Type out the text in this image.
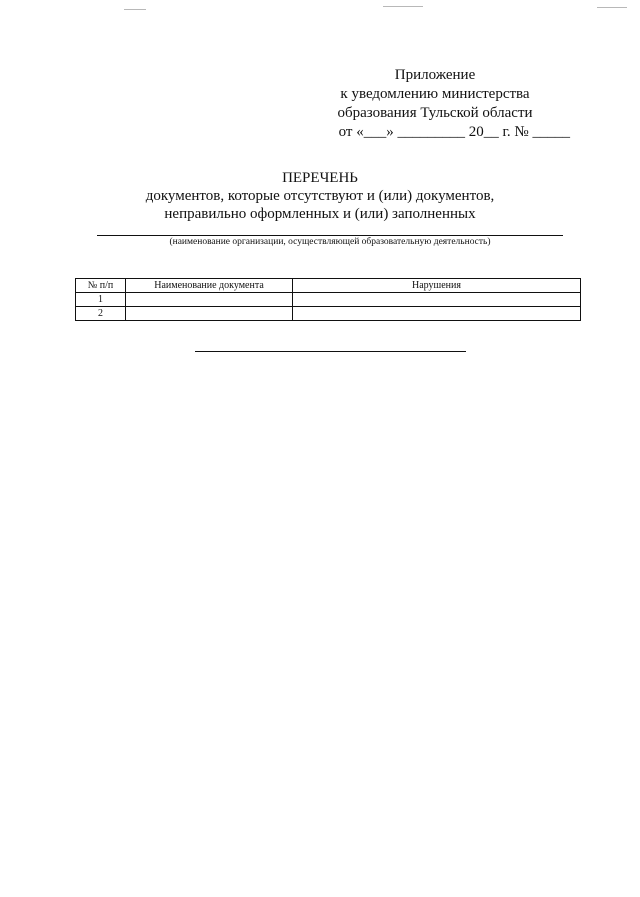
Приложение
к уведомлению министерства
образования Тульской области
от «___» _________ 20__ г. № _____
ПЕРЕЧЕНЬ
документов, которые отсутствуют и (или) документов,
неправильно оформленных и (или) заполненных
(наименование организации, осуществляющей образовательную деятельность)
№ п/п	Наименование документа	Нарушения
1		
2		
